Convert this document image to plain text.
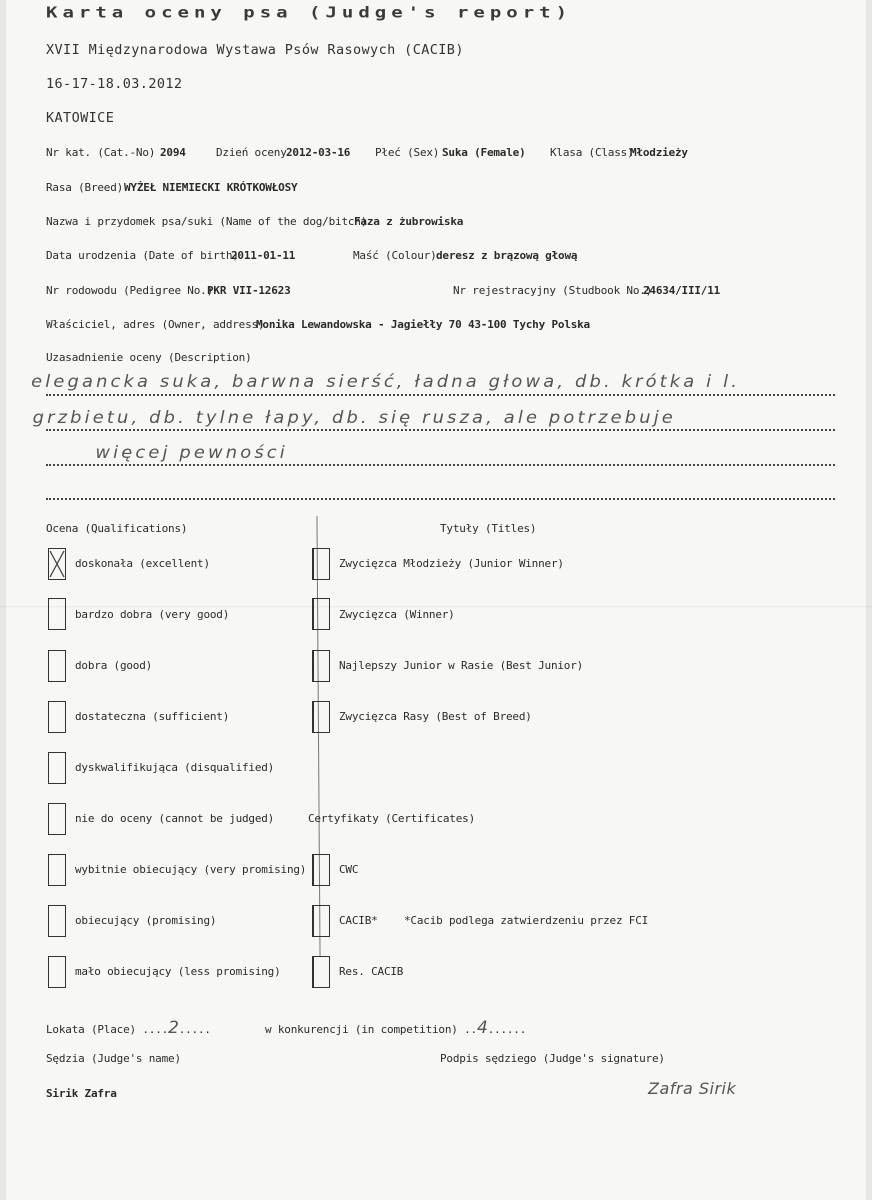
Karta oceny psa (Judge's report)
XVII Międzynarodowa Wystawa Psów Rasowych (CACIB)
16-17-18.03.2012
KATOWICE
Nr kat. (Cat.-No) 2094	Dzień oceny 2012-03-16 Płeć (Sex) Suka (Female) Klasa (Class)
Młodzieży
Rasa (Breed) WYŻEŁ NIEMIECKI KRÓTKOWŁOSY
Nazwa i przydomek psa/suki (Name of the dog/bitch)
Faza z żubrowiska
Data urodzenia (Date of birth)
2011-01-11	Maść (Colour) deresz z brązową głową
Nr rodowodu (Pedigree No.)
PKR VII-12623	Nr rejestracyjny (Studbook No.)
24634/III/11
Właściciel, adres (Owner, address)
Monika Lewandowska - Jagiełły 70 43-100 Tychy Polska
Uzasadnienie oceny (Description)
elegancka suka, barwna sierść, ładna głowa, db. krótka i l.
grzbietu, db. tylne łapy, db. się rusza, ale potrzebuje
więcej pewności
Ocena (Qualifications)	Tytuły (Titles)
doskonała (excellent)
bardzo dobra (very good)
dobra (good)
dostateczna (sufficient)
dyskwalifikująca (disqualified)
nie do oceny (cannot be judged)
wybitnie obiecujący (very promising)
obiecujący (promising)
mało obiecujący (less promising)
Zwycięzca Młodzieży (Junior Winner)
Zwycięzca (Winner)
Najlepszy Junior w Rasie (Best Junior)
Zwycięzca Rasy (Best of Breed)
Certyfikaty (Certificates)
CWC
CACIB* *Cacib podlega zatwierdzeniu przez FCI
Res. CACIB
Lokata (Place) ....2.....	w konkurencji (in competition) ..4......
Sędzia (Judge's name)	Podpis sędziego (Judge's signature)
Sirik Zafra	Zafra Sirik
